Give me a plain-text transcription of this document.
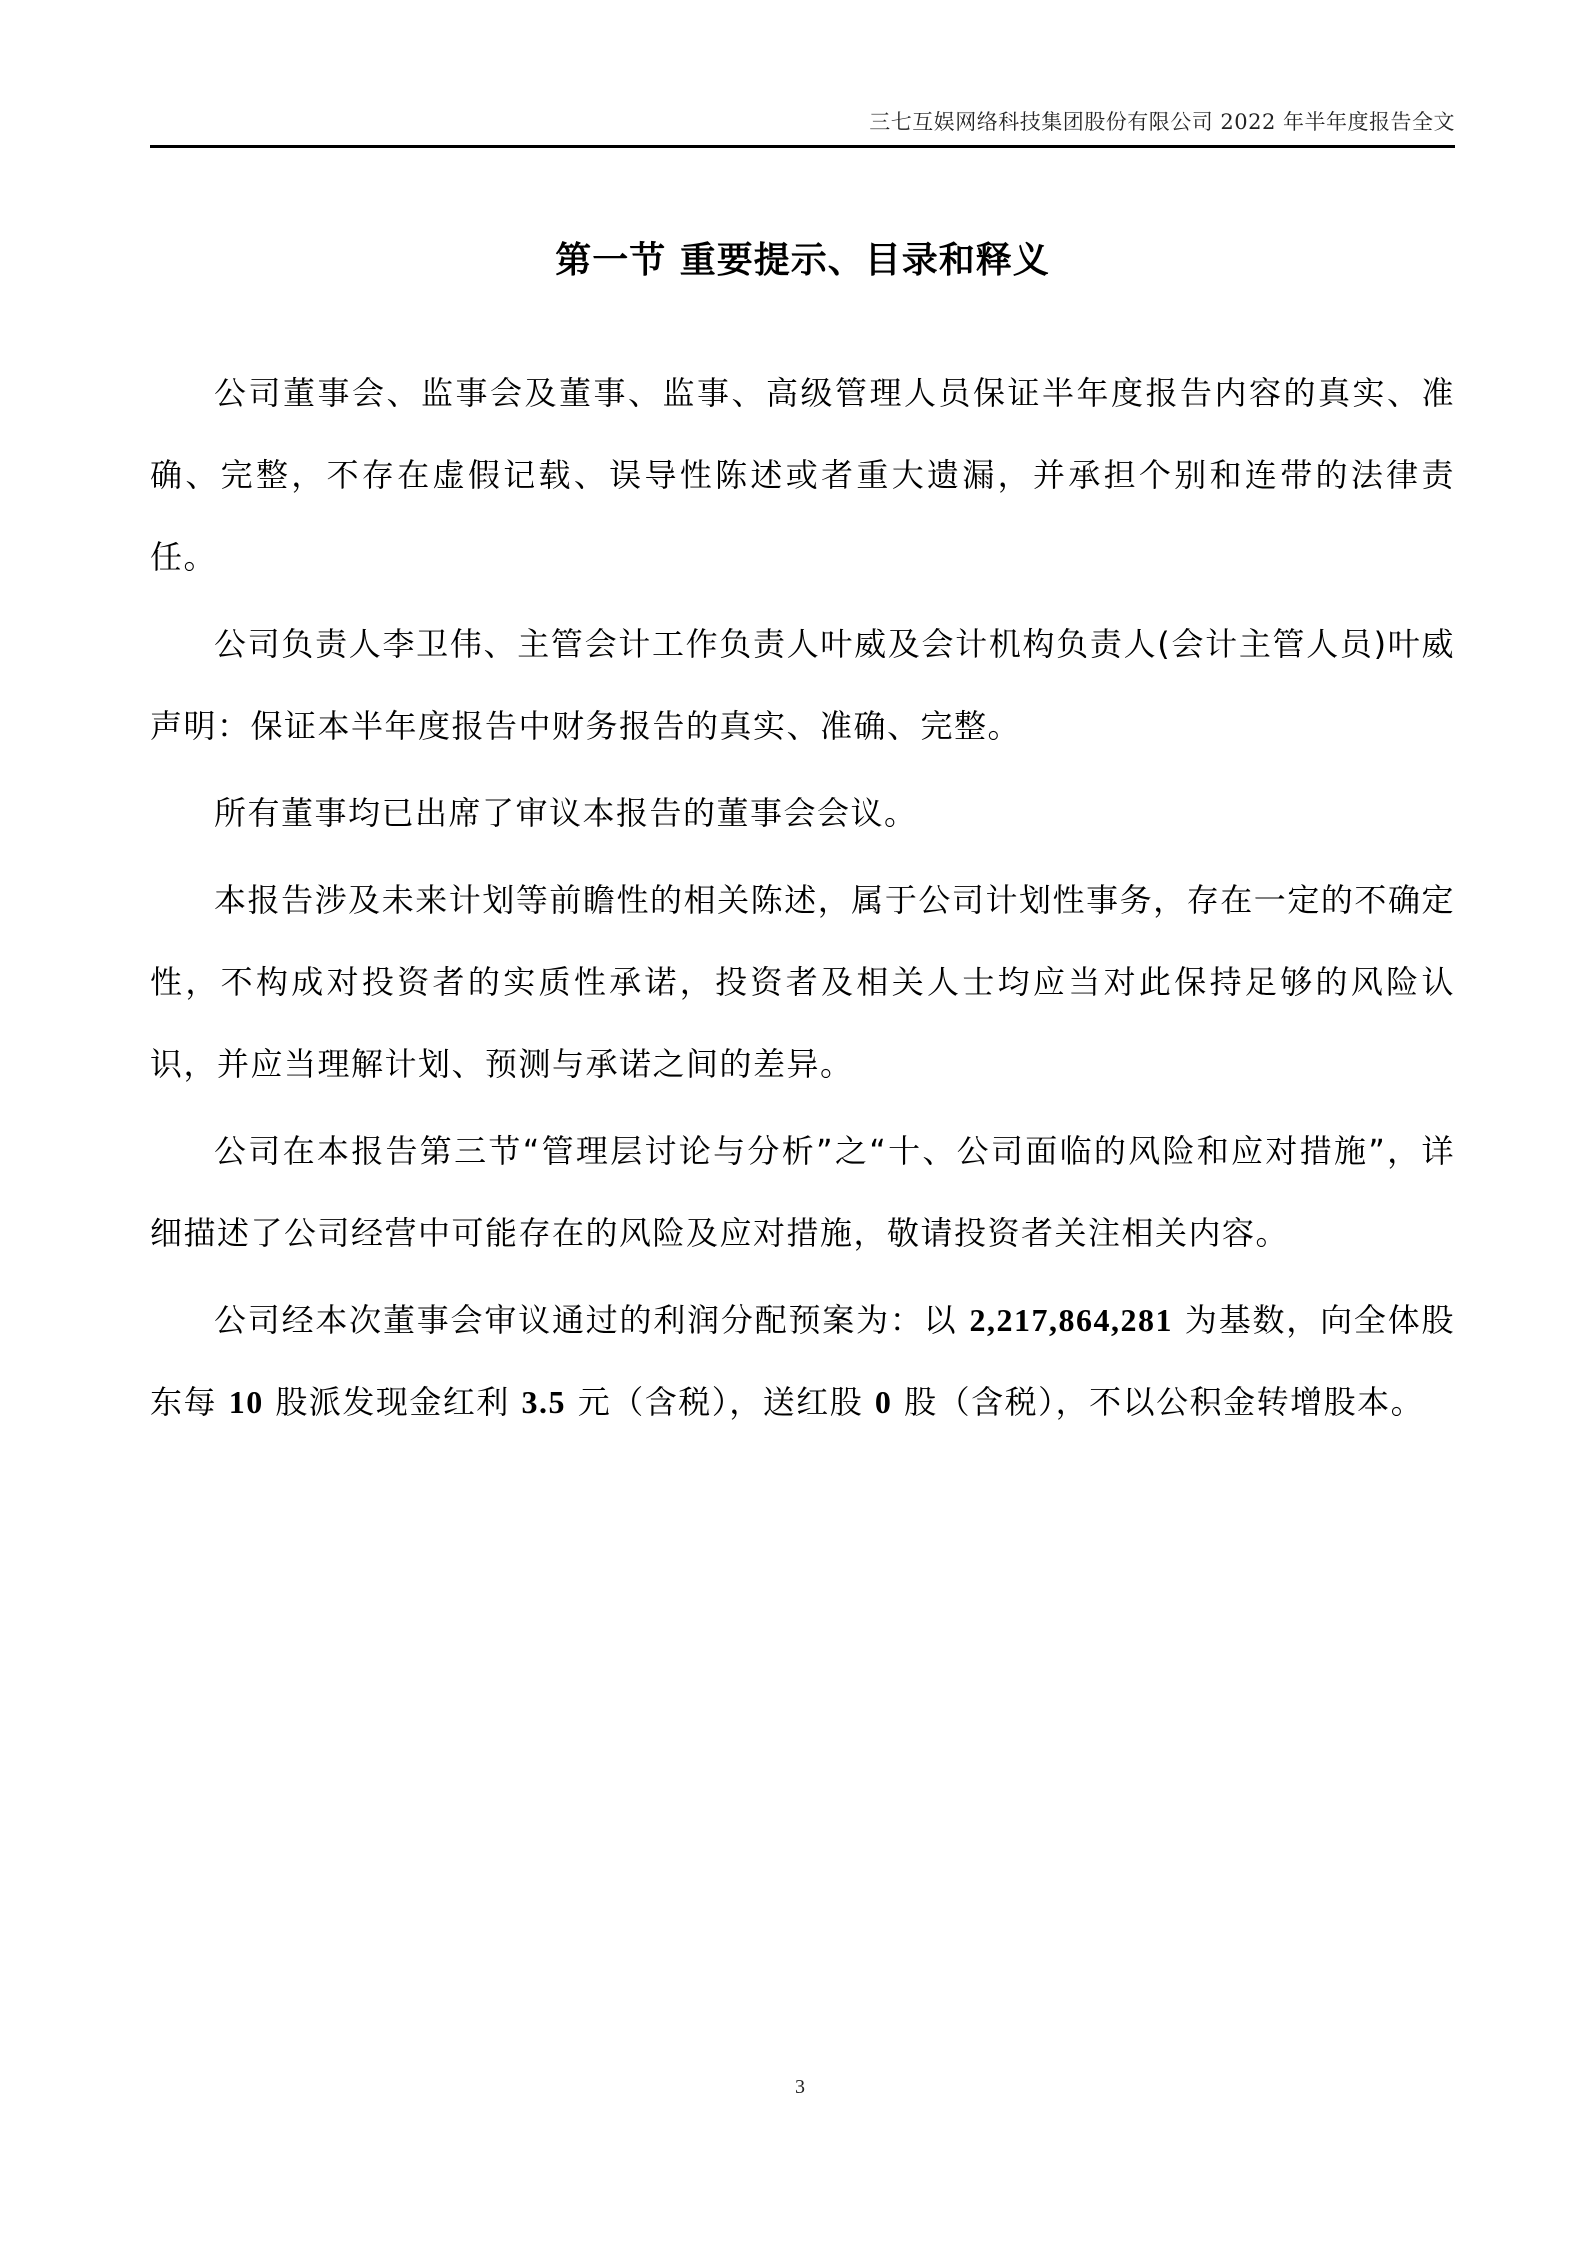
三七互娱网络科技集团股份有限公司 2022 年半年度报告全文
第一节 重要提示、目录和释义

公司董事会、监事会及董事、监事、高级管理人员保证半年度报告内容的真实、准确、完整，不存在虚假记载、误导性陈述或者重大遗漏，并承担个别和连带的法律责任。

公司负责人李卫伟、主管会计工作负责人叶威及会计机构负责人(会计主管人员)叶威声明：保证本半年度报告中财务报告的真实、准确、完整。

所有董事均已出席了审议本报告的董事会会议。

本报告涉及未来计划等前瞻性的相关陈述，属于公司计划性事务，存在一定的不确定性，不构成对投资者的实质性承诺，投资者及相关人士均应当对此保持足够的风险认识，并应当理解计划、预测与承诺之间的差异。

公司在本报告第三节“管理层讨论与分析”之“十、公司面临的风险和应对措施”，详细描述了公司经营中可能存在的风险及应对措施，敬请投资者关注相关内容。

公司经本次董事会审议通过的利润分配预案为：以 2,217,864,281 为基数，向全体股东每 10 股派发现金红利 3.5 元（含税），送红股 0 股（含税），不以公积金转增股本。

3
